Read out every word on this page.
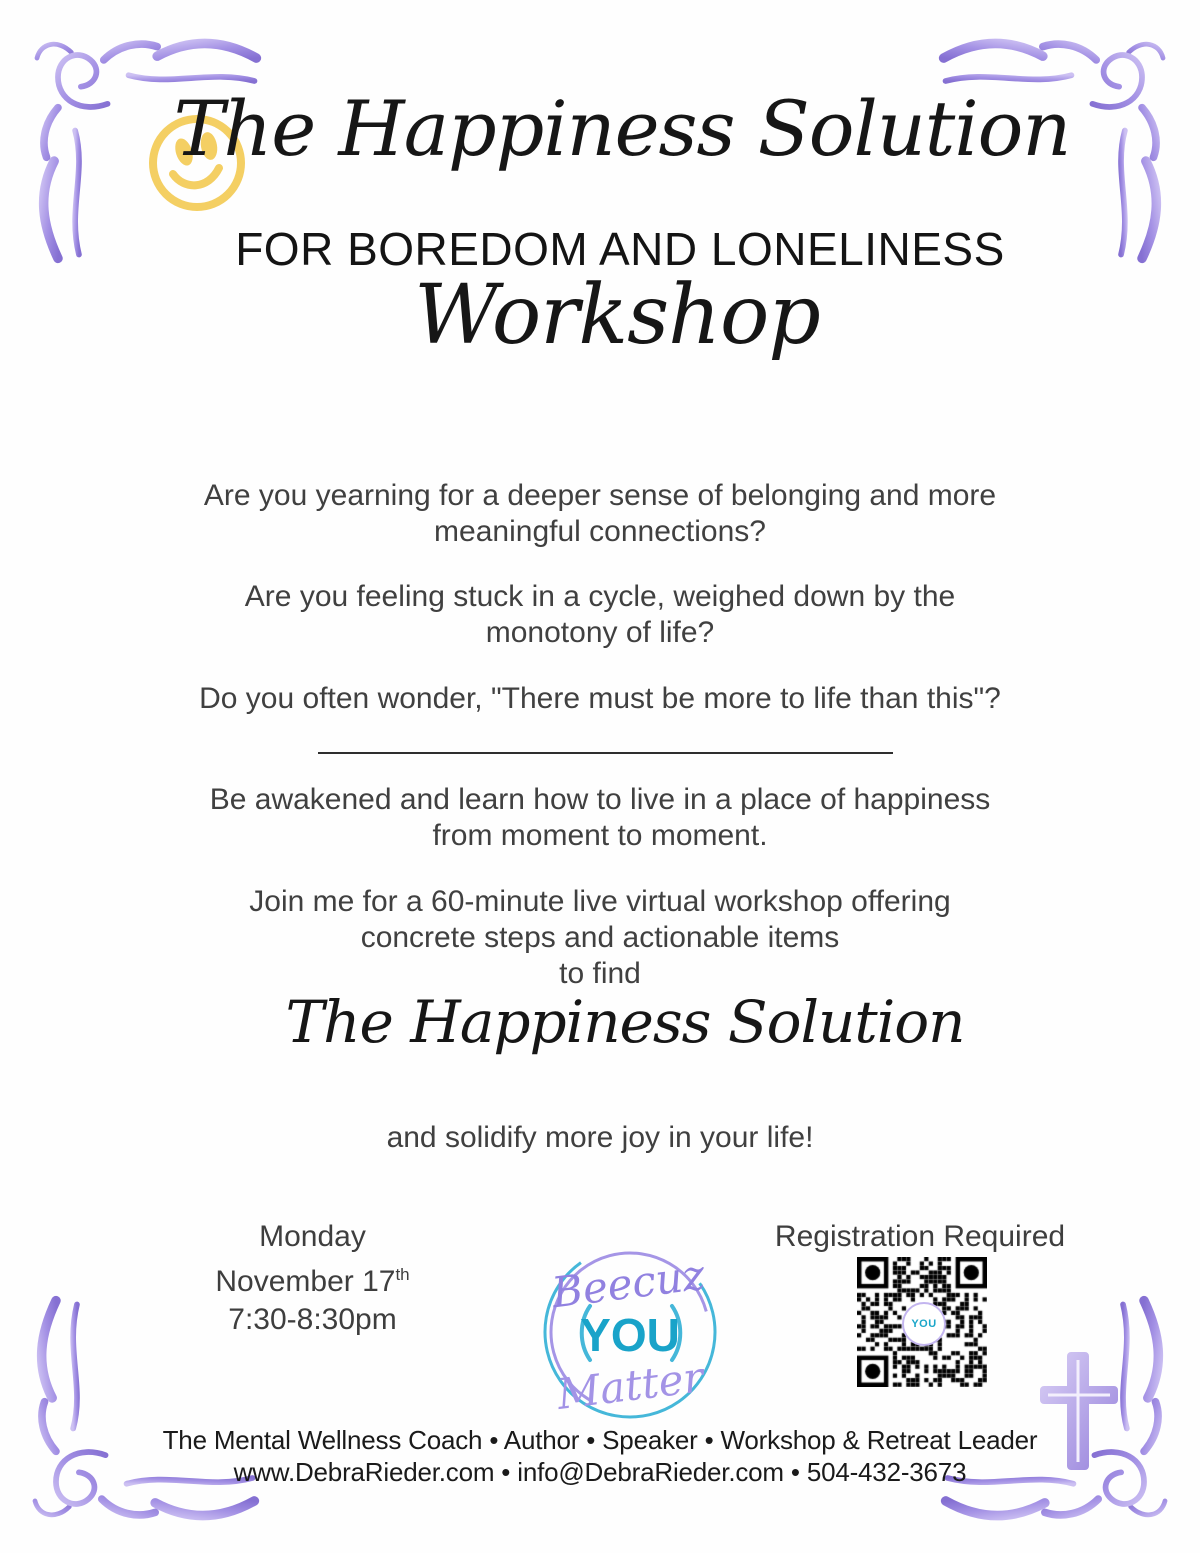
The Happiness Solution
FOR BOREDOM AND LONELINESS
Workshop
Are you yearning for a deeper sense of belonging and more
meaningful connections?
Are you feeling stuck in a cycle, weighed down by the
monotony of life?
Do you often wonder, "There must be more to life than this"?
Be awakened and learn how to live in a place of happiness
from moment to moment.
Join me for a 60-minute live virtual workshop offering
concrete steps and actionable items
to find
The Happiness Solution
and solidify more joy in your life!
Monday
November 17th
7:30-8:30pm
Beecuz
YOU
Matter
Registration Required
YOU
The Mental Wellness Coach • Author • Speaker • Workshop & Retreat Leader
www.DebraRieder.com • info@DebraRieder.com • 504-432-3673
